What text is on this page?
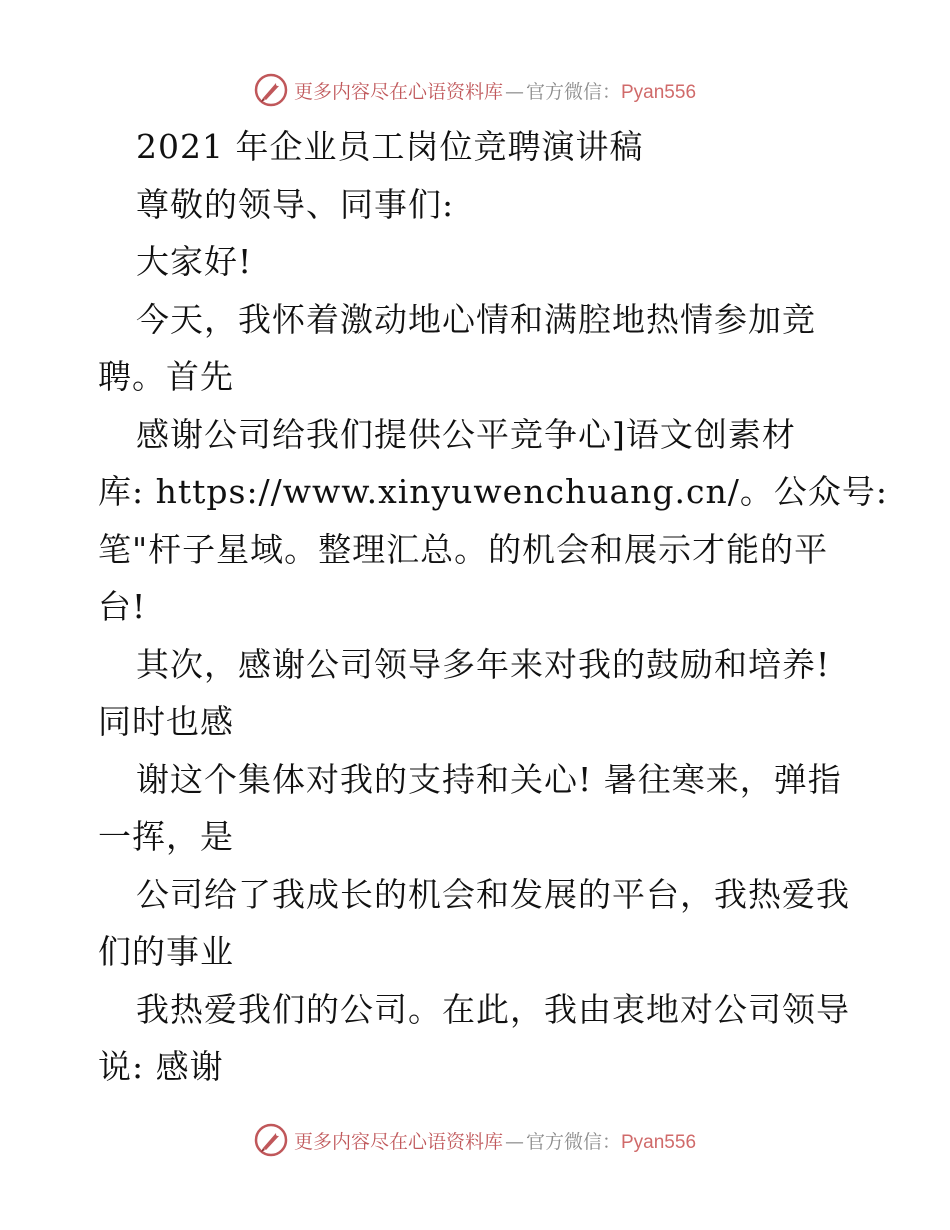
更多内容尽在心语资料库 — 官方微信：Pyan556
2021 年企业员工岗位竞聘演讲稿
尊敬的领导、同事们:
大家好!
今天，我怀着激动地心情和满腔地热情参加竞
聘。首先
感谢公司给我们提供公平竞争心]语文创素材
库: https://www.xinyuwenchuang.cn/。公众号:
笔"杆子星域。整理汇总。的机会和展示才能的平
台!
其次，感谢公司领导多年来对我的鼓励和培养!
同时也感
谢这个集体对我的支持和关心! 暑往寒来，弹指
一挥，是
公司给了我成长的机会和发展的平台，我热爱我
们的事业
我热爱我们的公司。在此，我由衷地对公司领导
说: 感谢
更多内容尽在心语资料库 — 官方微信：Pyan556
